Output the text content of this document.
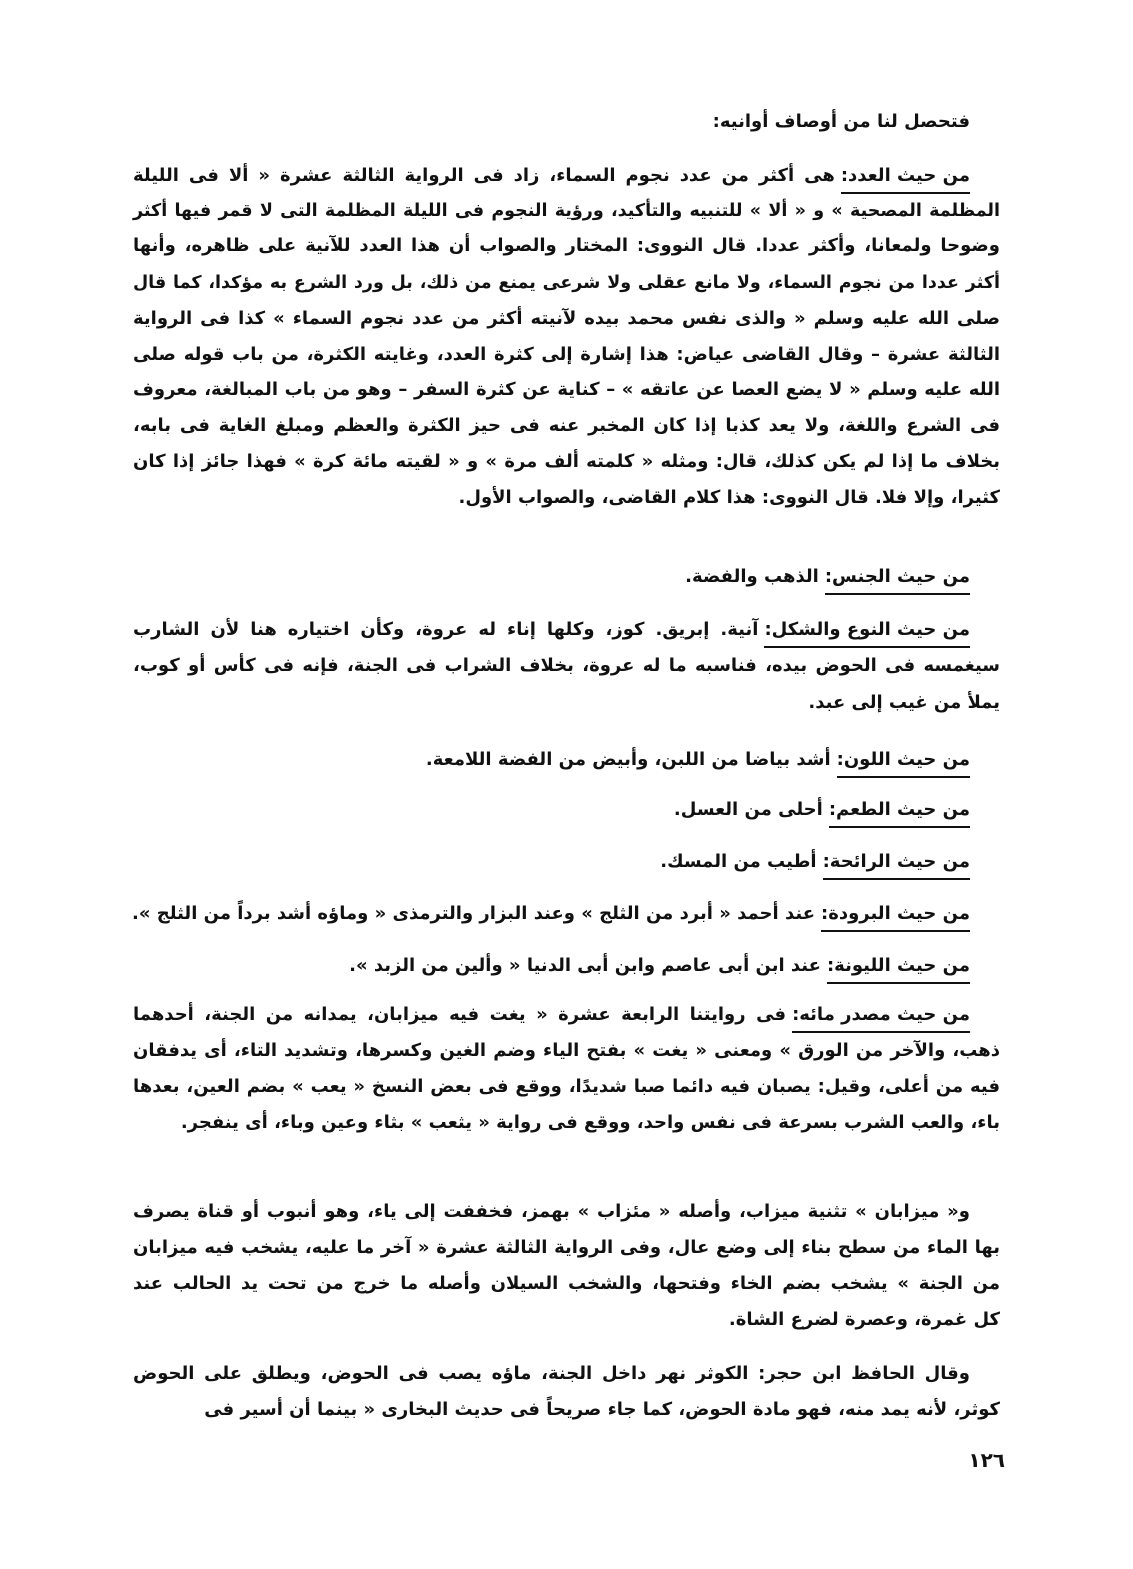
فتحصل لنا من أوصاف أوانيه:
من حيث العدد:هى أكثر من عدد نجوم السماء، زاد فى الرواية الثالثة عشرة « ألا فى الليلة
المظلمة المصحية » و « ألا » للتنبيه والتأكيد، ورؤية النجوم فى الليلة المظلمة التى لا قمر فيها أكثر
وضوحا ولمعانا، وأكثر عددا. قال النووى: المختار والصواب أن هذا العدد للآنية على ظاهره، وأنها
أكثر عددا من نجوم السماء، ولا مانع عقلى ولا شرعى يمنع من ذلك، بل ورد الشرع به مؤكدا، كما قال
صلى الله عليه وسلم « والذى نفس محمد بيده لآنيته أكثر من عدد نجوم السماء » كذا فى الرواية
الثالثة عشرة – وقال القاضى عياض: هذا إشارة إلى كثرة العدد، وغايته الكثرة، من باب قوله صلى
الله عليه وسلم « لا يضع العصا عن عاتقه » – كناية عن كثرة السفر – وهو من باب المبالغة، معروف
فى الشرع واللغة، ولا يعد كذبا إذا كان المخبر عنه فى حيز الكثرة والعظم ومبلغ الغاية فى بابه،
بخلاف ما إذا لم يكن كذلك، قال: ومثله « كلمته ألف مرة » و « لقيته مائة كرة » فهذا جائز إذا كان
كثيرا، وإلا فلا. قال النووى: هذا كلام القاضى، والصواب الأول.
من حيث الجنس:الذهب والفضة.
من حيث النوع والشكل:آنية. إبريق. كوز، وكلها إناء له عروة، وكأن اختياره هنا لأن الشارب
سيغمسه فى الحوض بيده، فناسبه ما له عروة، بخلاف الشراب فى الجنة، فإنه فى كأس أو كوب،
يملأ من غيب إلى عبد.
من حيث اللون:أشد بياضا من اللبن، وأبيض من الفضة اللامعة.
من حيث الطعم:أحلى من العسل.
من حيث الرائحة:أطيب من المسك.
من حيث البرودة:عند أحمد « أبرد من الثلج » وعند البزار والترمذى « وماؤه أشد برداً من الثلج ».
من حيث الليونة:عند ابن أبى عاصم وابن أبى الدنيا « وألين من الزبد ».
من حيث مصدر مائه:فى روايتنا الرابعة عشرة « يغت فيه ميزابان، يمدانه من الجنة، أحدهما
ذهب، والآخر من الورق » ومعنى « يغت » بفتح الياء وضم الغين وكسرها، وتشديد التاء، أى يدفقان
فيه من أعلى، وقيل: يصبان فيه دائما صبا شديدًا، ووقع فى بعض النسخ « يعب » بضم العين، بعدها
باء، والعب الشرب بسرعة فى نفس واحد، ووقع فى رواية « يثعب » بثاء وعين وباء، أى ينفجر.
و« ميزابان » تثنية ميزاب، وأصله « مئزاب » بهمز، فخففت إلى ياء، وهو أنبوب أو قناة يصرف
بها الماء من سطح بناء إلى وضع عال، وفى الرواية الثالثة عشرة « آخر ما عليه، يشخب فيه ميزابان
من الجنة » يشخب بضم الخاء وفتحها، والشخب السيلان وأصله ما خرج من تحت يد الحالب عند
كل غمرة، وعصرة لضرع الشاة.
وقال الحافظ ابن حجر: الكوثر نهر داخل الجنة، ماؤه يصب فى الحوض، ويطلق على الحوض
كوثر، لأنه يمد منه، فهو مادة الحوض، كما جاء صريحاً فى حديث البخارى « بينما أن أسير فى
١٢٦
